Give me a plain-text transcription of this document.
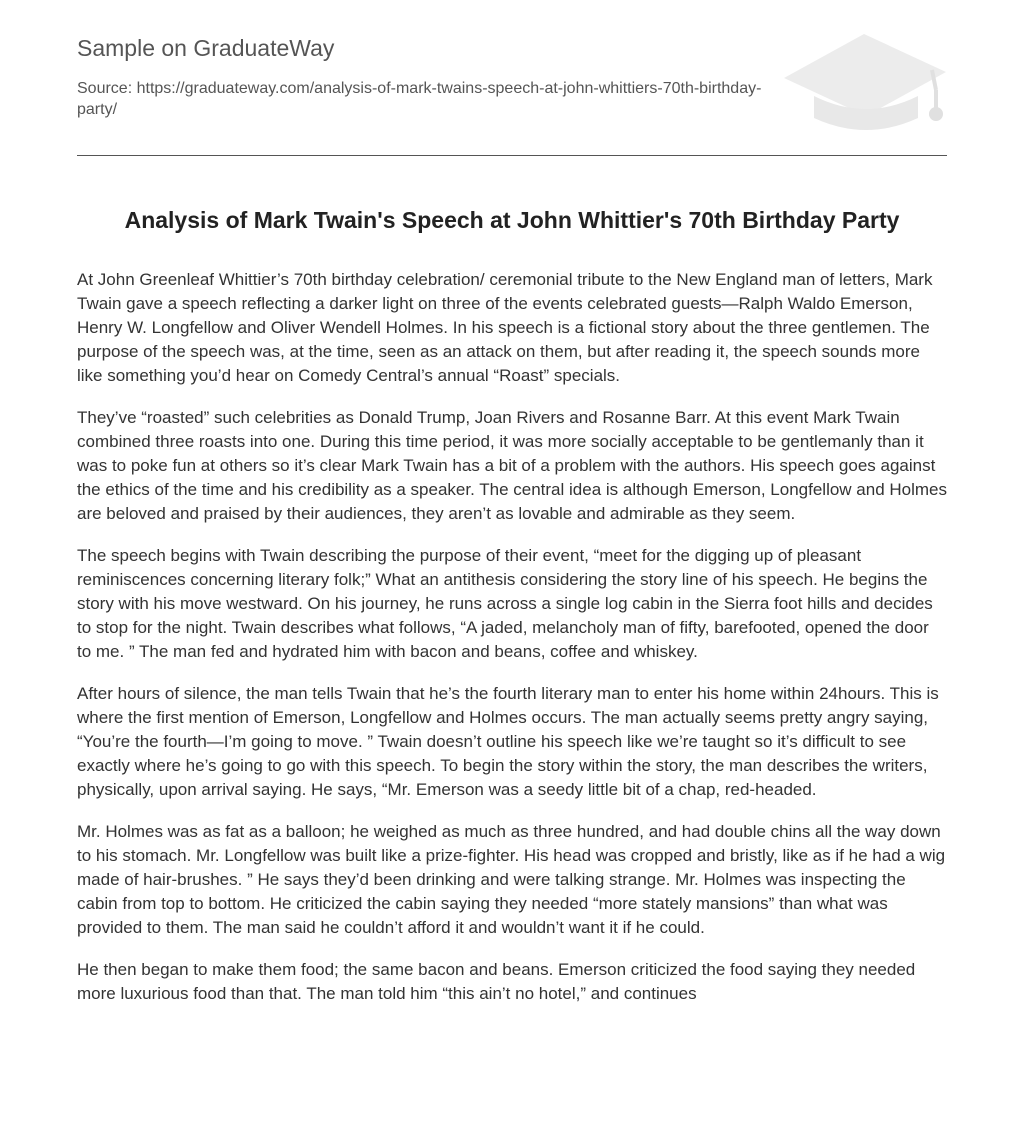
Sample on GraduateWay
Source: https://graduateway.com/analysis-of-mark-twains-speech-at-john-whittiers-70th-birthday-party/
Analysis of Mark Twain's Speech at John Whittier's 70th Birthday Party

At John Greenleaf Whittier’s 70th birthday celebration/ ceremonial tribute to the New England man of letters, Mark Twain gave a speech reflecting a darker light on three of the events celebrated guests—Ralph Waldo Emerson, Henry W. Longfellow and Oliver Wendell Holmes. In his speech is a fictional story about the three gentlemen. The purpose of the speech was, at the time, seen as an attack on them, but after reading it, the speech sounds more like something you’d hear on Comedy Central’s annual “Roast” specials.

They’ve “roasted” such celebrities as Donald Trump, Joan Rivers and Rosanne Barr. At this event Mark Twain combined three roasts into one. During this time period, it was more socially acceptable to be gentlemanly than it was to poke fun at others so it’s clear Mark Twain has a bit of a problem with the authors. His speech goes against the ethics of the time and his credibility as a speaker. The central idea is although Emerson, Longfellow and Holmes are beloved and praised by their audiences, they aren’t as lovable and admirable as they seem.

The speech begins with Twain describing the purpose of their event, “meet for the digging up of pleasant reminiscences concerning literary folk;” What an antithesis considering the story line of his speech. He begins the story with his move westward. On his journey, he runs across a single log cabin in the Sierra foot hills and decides to stop for the night. Twain describes what follows, “A jaded, melancholy man of fifty, barefooted, opened the door to me. ” The man fed and hydrated him with bacon and beans, coffee and whiskey.

After hours of silence, the man tells Twain that he’s the fourth literary man to enter his home within 24hours. This is where the first mention of Emerson, Longfellow and Holmes occurs. The man actually seems pretty angry saying, “You’re the fourth—I’m going to move. ” Twain doesn’t outline his speech like we’re taught so it’s difficult to see exactly where he’s going to go with this speech. To begin the story within the story, the man describes the writers, physically, upon arrival saying. He says, “Mr. Emerson was a seedy little bit of a chap, red-headed.

Mr. Holmes was as fat as a balloon; he weighed as much as three hundred, and had double chins all the way down to his stomach. Mr. Longfellow was built like a prize-fighter. His head was cropped and bristly, like as if he had a wig made of hair-brushes. ” He says they’d been drinking and were talking strange. Mr. Holmes was inspecting the cabin from top to bottom. He criticized the cabin saying they needed “more stately mansions” than what was provided to them. The man said he couldn’t afford it and wouldn’t want it if he could.

He then began to make them food; the same bacon and beans. Emerson criticized the food saying they needed more luxurious food than that. The man told him “this ain’t no hotel,” and continues
